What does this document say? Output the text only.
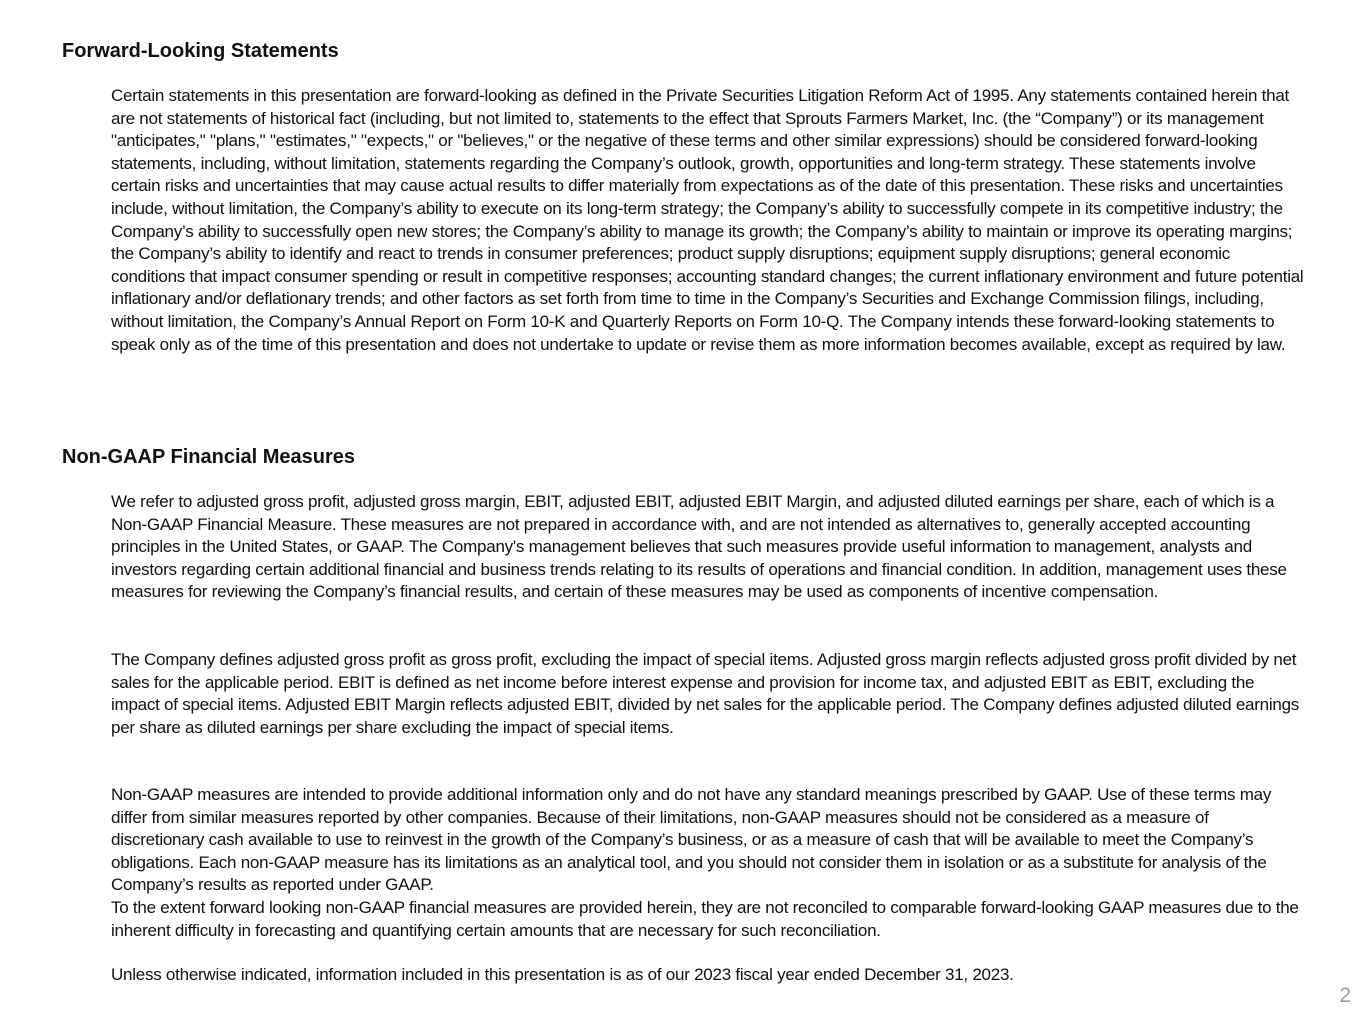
Forward-Looking Statements

Certain statements in this presentation are forward-looking as defined in the Private Securities Litigation Reform Act of 1995. Any statements contained herein that are not statements of historical fact (including, but not limited to, statements to the effect that Sprouts Farmers Market, Inc. (the “Company”) or its management "anticipates," "plans," "estimates," "expects," or "believes," or the negative of these terms and other similar expressions) should be considered forward-looking statements, including, without limitation, statements regarding the Company’s outlook, growth, opportunities and long-term strategy. These statements involve certain risks and uncertainties that may cause actual results to differ materially from expectations as of the date of this presentation. These risks and uncertainties include, without limitation, the Company’s ability to execute on its long-term strategy; the Company’s ability to successfully compete in its competitive industry; the Company’s ability to successfully open new stores; the Company’s ability to manage its growth; the Company’s ability to maintain or improve its operating margins; the Company’s ability to identify and react to trends in consumer preferences; product supply disruptions; equipment supply disruptions; general economic conditions that impact consumer spending or result in competitive responses; accounting standard changes; the current inflationary environment and future potential inflationary and/or deflationary trends; and other factors as set forth from time to time in the Company’s Securities and Exchange Commission filings, including, without limitation, the Company’s Annual Report on Form 10-K and Quarterly Reports on Form 10-Q. The Company intends these forward-looking statements to speak only as of the time of this presentation and does not undertake to update or revise them as more information becomes available, except as required by law.

Non-GAAP Financial Measures

We refer to adjusted gross profit, adjusted gross margin, EBIT, adjusted EBIT, adjusted EBIT Margin, and adjusted diluted earnings per share, each of which is a Non-GAAP Financial Measure. These measures are not prepared in accordance with, and are not intended as alternatives to, generally accepted accounting principles in the United States, or GAAP. The Company's management believes that such measures provide useful information to management, analysts and investors regarding certain additional financial and business trends relating to its results of operations and financial condition. In addition, management uses these measures for reviewing the Company’s financial results, and certain of these measures may be used as components of incentive compensation.

The Company defines adjusted gross profit as gross profit, excluding the impact of special items. Adjusted gross margin reflects adjusted gross profit divided by net sales for the applicable period. EBIT is defined as net income before interest expense and provision for income tax, and adjusted EBIT as EBIT, excluding the impact of special items. Adjusted EBIT Margin reflects adjusted EBIT, divided by net sales for the applicable period. The Company defines adjusted diluted earnings per share as diluted earnings per share excluding the impact of special items.

Non-GAAP measures are intended to provide additional information only and do not have any standard meanings prescribed by GAAP. Use of these terms may differ from similar measures reported by other companies. Because of their limitations, non-GAAP measures should not be considered as a measure of discretionary cash available to use to reinvest in the growth of the Company’s business, or as a measure of cash that will be available to meet the Company’s obligations. Each non-GAAP measure has its limitations as an analytical tool, and you should not consider them in isolation or as a substitute for analysis of the Company’s results as reported under GAAP.

To the extent forward looking non-GAAP financial measures are provided herein, they are not reconciled to comparable forward-looking GAAP measures due to the inherent difficulty in forecasting and quantifying certain amounts that are necessary for such reconciliation.

Unless otherwise indicated, information included in this presentation is as of our 2023 fiscal year ended December 31, 2023.

2
